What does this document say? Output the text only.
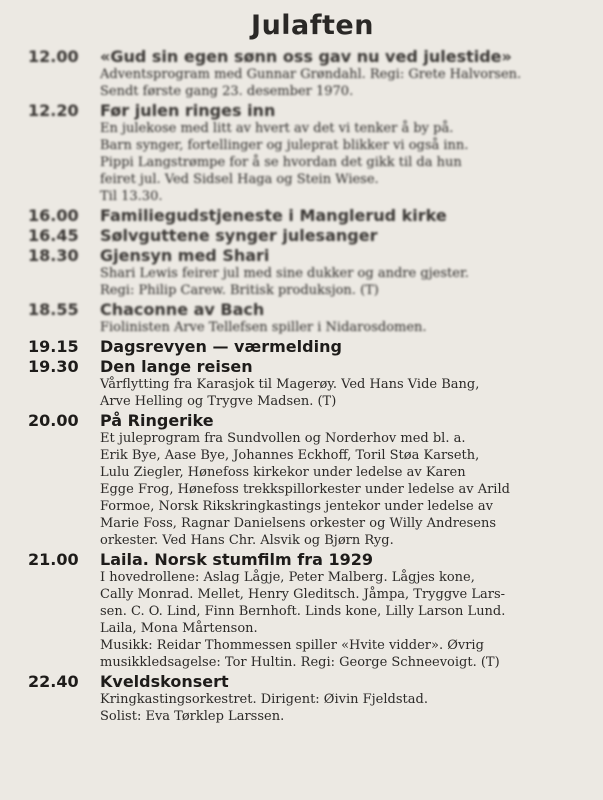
Julaften
12.00	«Gud sin egen sønn oss gav nu ved julestide»

Adventsprogram med Gunnar Grøndahl. Regi: Grete Halvorsen.

Sendt første gang 23. desember 1970.

12.20	Før julen ringes inn

En julekose med litt av hvert av det vi tenker å by på.

Barn synger, fortellinger og juleprat blikker vi også inn.

Pippi Langstrømpe for å se hvordan det gikk til da hun

feiret jul. Ved Sidsel Haga og Stein Wiese.

Til 13.30.

16.00	Familiegudstjeneste i Manglerud kirke
16.45	Sølvguttene synger julesanger
18.30	Gjensyn med Shari

Shari Lewis feirer jul med sine dukker og andre gjester.

Regi: Philip Carew. Britisk produksjon. (T)

18.55	Chaconne av Bach

Fiolinisten Arve Tellefsen spiller i Nidarosdomen.

19.15	Dagsrevyen — værmelding
19.30	Den lange reisen

Vårflytting fra Karasjok til Magerøy. Ved Hans Vide Bang,

Arve Helling og Trygve Madsen. (T)

20.00	På Ringerike

Et juleprogram fra Sundvollen og Norderhov med bl. a.

Erik Bye, Aase Bye, Johannes Eckhoff, Toril Støa Karseth,

Lulu Ziegler, Hønefoss kirkekor under ledelse av Karen

Egge Frog, Hønefoss trekkspillorkester under ledelse av Arild

Formoe, Norsk Rikskringkastings jentekor under ledelse av

Marie Foss, Ragnar Danielsens orkester og Willy Andresens

orkester. Ved Hans Chr. Alsvik og Bjørn Ryg.

21.00	Laila. Norsk stumfilm fra 1929

I hovedrollene: Aslag Lågje, Peter Malberg. Lågjes kone,

Cally Monrad. Mellet, Henry Gleditsch. Jåmpa, Tryggve Lars-

sen. C. O. Lind, Finn Bernhoft. Linds kone, Lilly Larson Lund.

Laila, Mona Mårtenson.

Musikk: Reidar Thommessen spiller «Hvite vidder». Øvrig

musikkledsagelse: Tor Hultin. Regi: George Schneevoigt. (T)

22.40	Kveldskonsert

Kringkastingsorkestret. Dirigent: Øivin Fjeldstad.

Solist: Eva Tørklep Larssen.
